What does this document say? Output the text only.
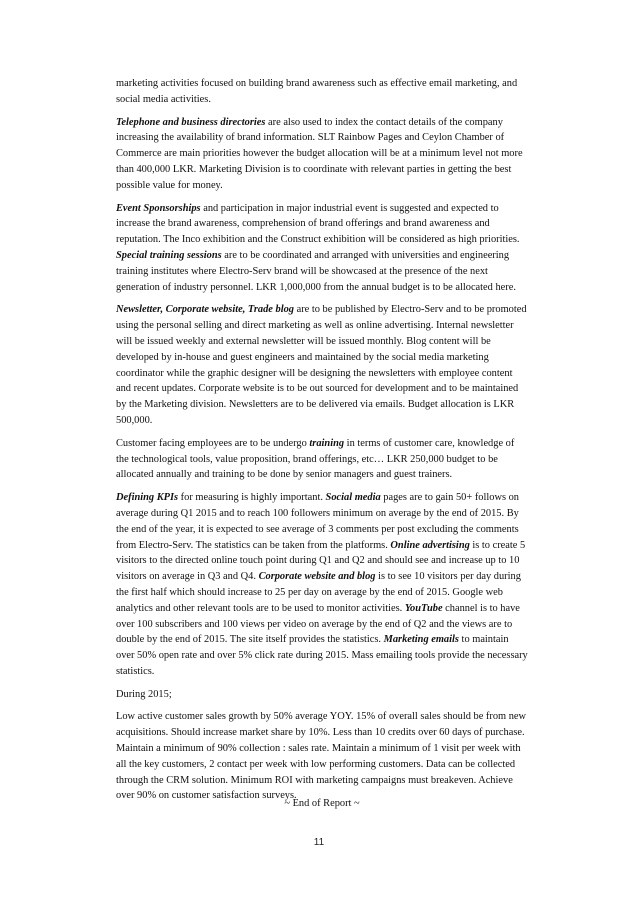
marketing activities focused on building brand awareness such as effective email marketing, and social media activities.

Telephone and business directories are also used to index the contact details of the company increasing the availability of brand information. SLT Rainbow Pages and Ceylon Chamber of Commerce are main priorities however the budget allocation will be at a minimum level not more than 400,000 LKR. Marketing Division is to coordinate with relevant parties in getting the best possible value for money.

Event Sponsorships and participation in major industrial event is suggested and expected to increase the brand awareness, comprehension of brand offerings and brand awareness and reputation. The Inco exhibition and the Construct exhibition will be considered as high priorities. Special training sessions are to be coordinated and arranged with universities and engineering training institutes where Electro-Serv brand will be showcased at the presence of the next generation of industry personnel. LKR 1,000,000 from the annual budget is to be allocated here.

Newsletter, Corporate website, Trade blog are to be published by Electro-Serv and to be promoted using the personal selling and direct marketing as well as online advertising. Internal newsletter will be issued weekly and external newsletter will be issued monthly. Blog content will be developed by in-house and guest engineers and maintained by the social media marketing coordinator while the graphic designer will be designing the newsletters with employee content and recent updates. Corporate website is to be out sourced for development and to be maintained by the Marketing division. Newsletters are to be delivered via emails. Budget allocation is LKR 500,000.

Customer facing employees are to be undergo training in terms of customer care, knowledge of the technological tools, value proposition, brand offerings, etc… LKR 250,000 budget to be allocated annually and training to be done by senior managers and guest trainers.

Defining KPIs for measuring is highly important. Social media pages are to gain 50+ follows on average during Q1 2015 and to reach 100 followers minimum on average by the end of 2015. By the end of the year, it is expected to see average of 3 comments per post excluding the comments from Electro-Serv. The statistics can be taken from the platforms. Online advertising is to create 5 visitors to the directed online touch point during Q1 and Q2 and should see and increase up to 10 visitors on average in Q3 and Q4. Corporate website and blog is to see 10 visitors per day during the first half which should increase to 25 per day on average by the end of 2015. Google web analytics and other relevant tools are to be used to monitor activities. YouTube channel is to have over 100 subscribers and 100 views per video on average by the end of Q2 and the views are to double by the end of 2015. The site itself provides the statistics. Marketing emails to maintain over 50% open rate and over 5% click rate during 2015. Mass emailing tools provide the necessary statistics.

During 2015;

Low active customer sales growth by 50% average YOY. 15% of overall sales should be from new acquisitions. Should increase market share by 10%. Less than 10 credits over 60 days of purchase. Maintain a minimum of 90% collection : sales rate. Maintain a minimum of 1 visit per week with all the key customers, 2 contact per week with low performing customers. Data can be collected through the CRM solution. Minimum ROI with marketing campaigns must breakeven. Achieve over 90% on customer satisfaction surveys.

~ End of Report ~

11
